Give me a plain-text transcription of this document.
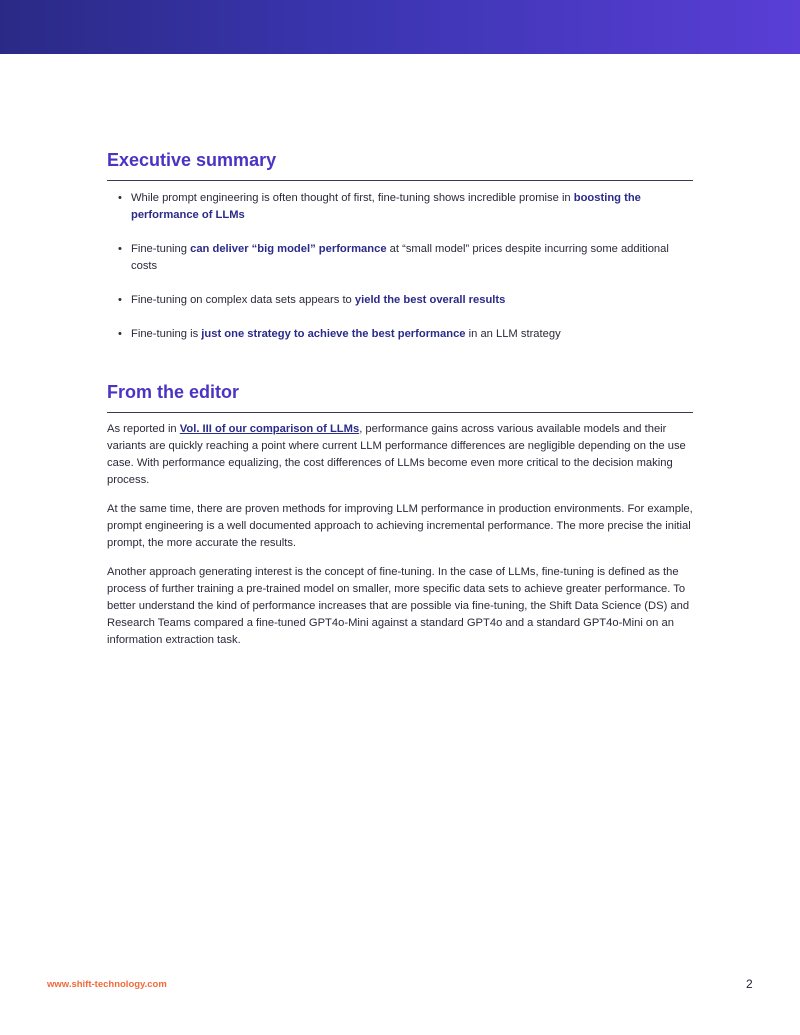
Executive summary
• While prompt engineering is often thought of first, fine-tuning shows incredible promise in boosting the performance of LLMs
• Fine-tuning can deliver “big model” performance at “small model” prices despite incurring some additional costs
• Fine-tuning on complex data sets appears to yield the best overall results
• Fine-tuning is just one strategy to achieve the best performance in an LLM strategy
From the editor

As reported in Vol. III of our comparison of LLMs, performance gains across various available models and their variants are quickly reaching a point where current LLM performance differences are negligible depending on the use case. With performance equalizing, the cost differences of LLMs become even more critical to the decision making process.

At the same time, there are proven methods for improving LLM performance in production environments. For example, prompt engineering is a well documented approach to achieving incremental performance. The more precise the initial prompt, the more accurate the results.

Another approach generating interest is the concept of fine-tuning. In the case of LLMs, fine-tuning is defined as the process of further training a pre-trained model on smaller, more specific data sets to achieve greater performance. To better understand the kind of performance increases that are possible via fine-tuning, the Shift Data Science (DS) and Research Teams compared a fine-tuned GPT4o-Mini against a standard GPT4o and a standard GPT4o-Mini on an information extraction task.

www.shift-technology.com	2
